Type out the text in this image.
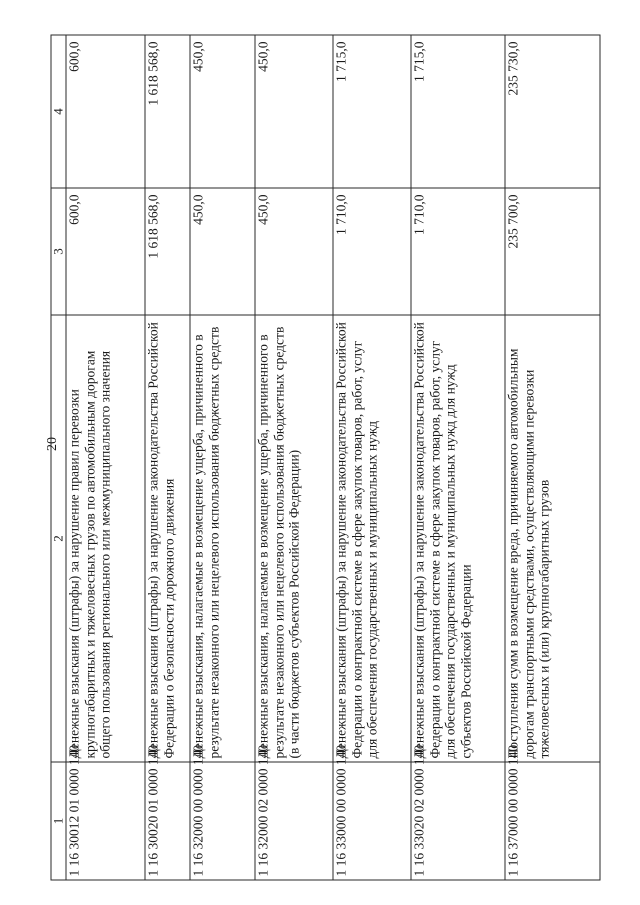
20
1	2	3	4
1 16 30012 01 0000 140	Денежные взыскания (штрафы) за нарушение правил перевозки крупногабаритных и тяжеловесных грузов по автомобильным дорогам общего пользования регионального или межмуниципального значения	600,0	600,0
1 16 30020 01 0000 140	Денежные взыскания (штрафы) за нарушение законодательства Российской Федерации о безопасности дорожного движения	1 618 568,0	1 618 568,0
1 16 32000 00 0000 140	Денежные взыскания, налагаемые в возмещение ущерба, причиненного в результате незаконного или нецелевого использования бюджетных средств	450,0	450,0
1 16 32000 02 0000 140	Денежные взыскания, налагаемые в возмещение ущерба, причиненного в результате незаконного или нецелевого использования бюджетных средств (в части бюджетов субъектов Российской Федерации)	450,0	450,0
1 16 33000 00 0000 140	Денежные взыскания (штрафы) за нарушение законодательства Российской Федерации о контрактной системе в сфере закупок товаров, работ, услуг для обеспечения государственных и муниципальных нужд	1 710,0	1 715,0
1 16 33020 02 0000 140	Денежные взыскания (штрафы) за нарушение законодательства Российской Федерации о контрактной системе в сфере закупок товаров, работ, услуг для обеспечения государственных и муниципальных нужд для нужд субъектов Российской Федерации	1 710,0	1 715,0
1 16 37000 00 0000 140	Поступления сумм в возмещение вреда, причиняемого автомобильным дорогам транспортными средствами, осуществляющими перевозки тяжеловесных и (или) крупногабаритных грузов	235 700,0	235 730,0
